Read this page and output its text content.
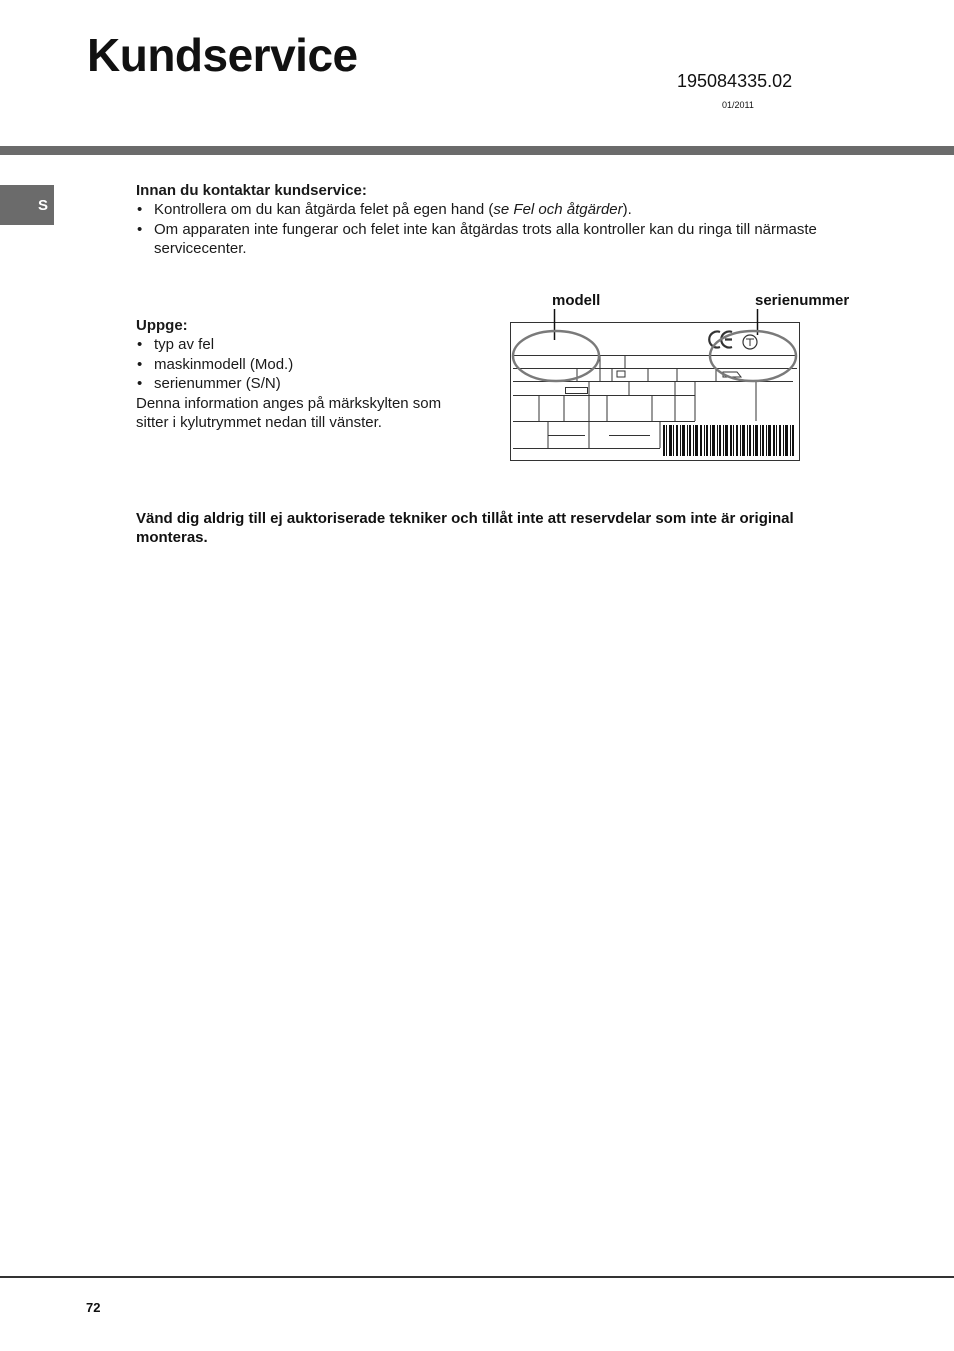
Kundservice	195084335.02
01/2011
S
Innan du kontaktar kundservice:
• Kontrollera om du kan åtgärda felet på egen hand (se Fel och åtgärder).
• Om apparaten inte fungerar och felet inte kan åtgärdas trots alla kontroller kan du ringa till närmaste servicecenter.
Uppge:
• typ av fel
• maskinmodell (Mod.)
• serienummer (S/N)
Denna information anges på märkskylten som sitter i kylutrymmet nedan till vänster.
modell	serienummer
Vänd dig aldrig till ej auktoriserade tekniker och tillåt inte att reservdelar som inte är original monteras.
72
